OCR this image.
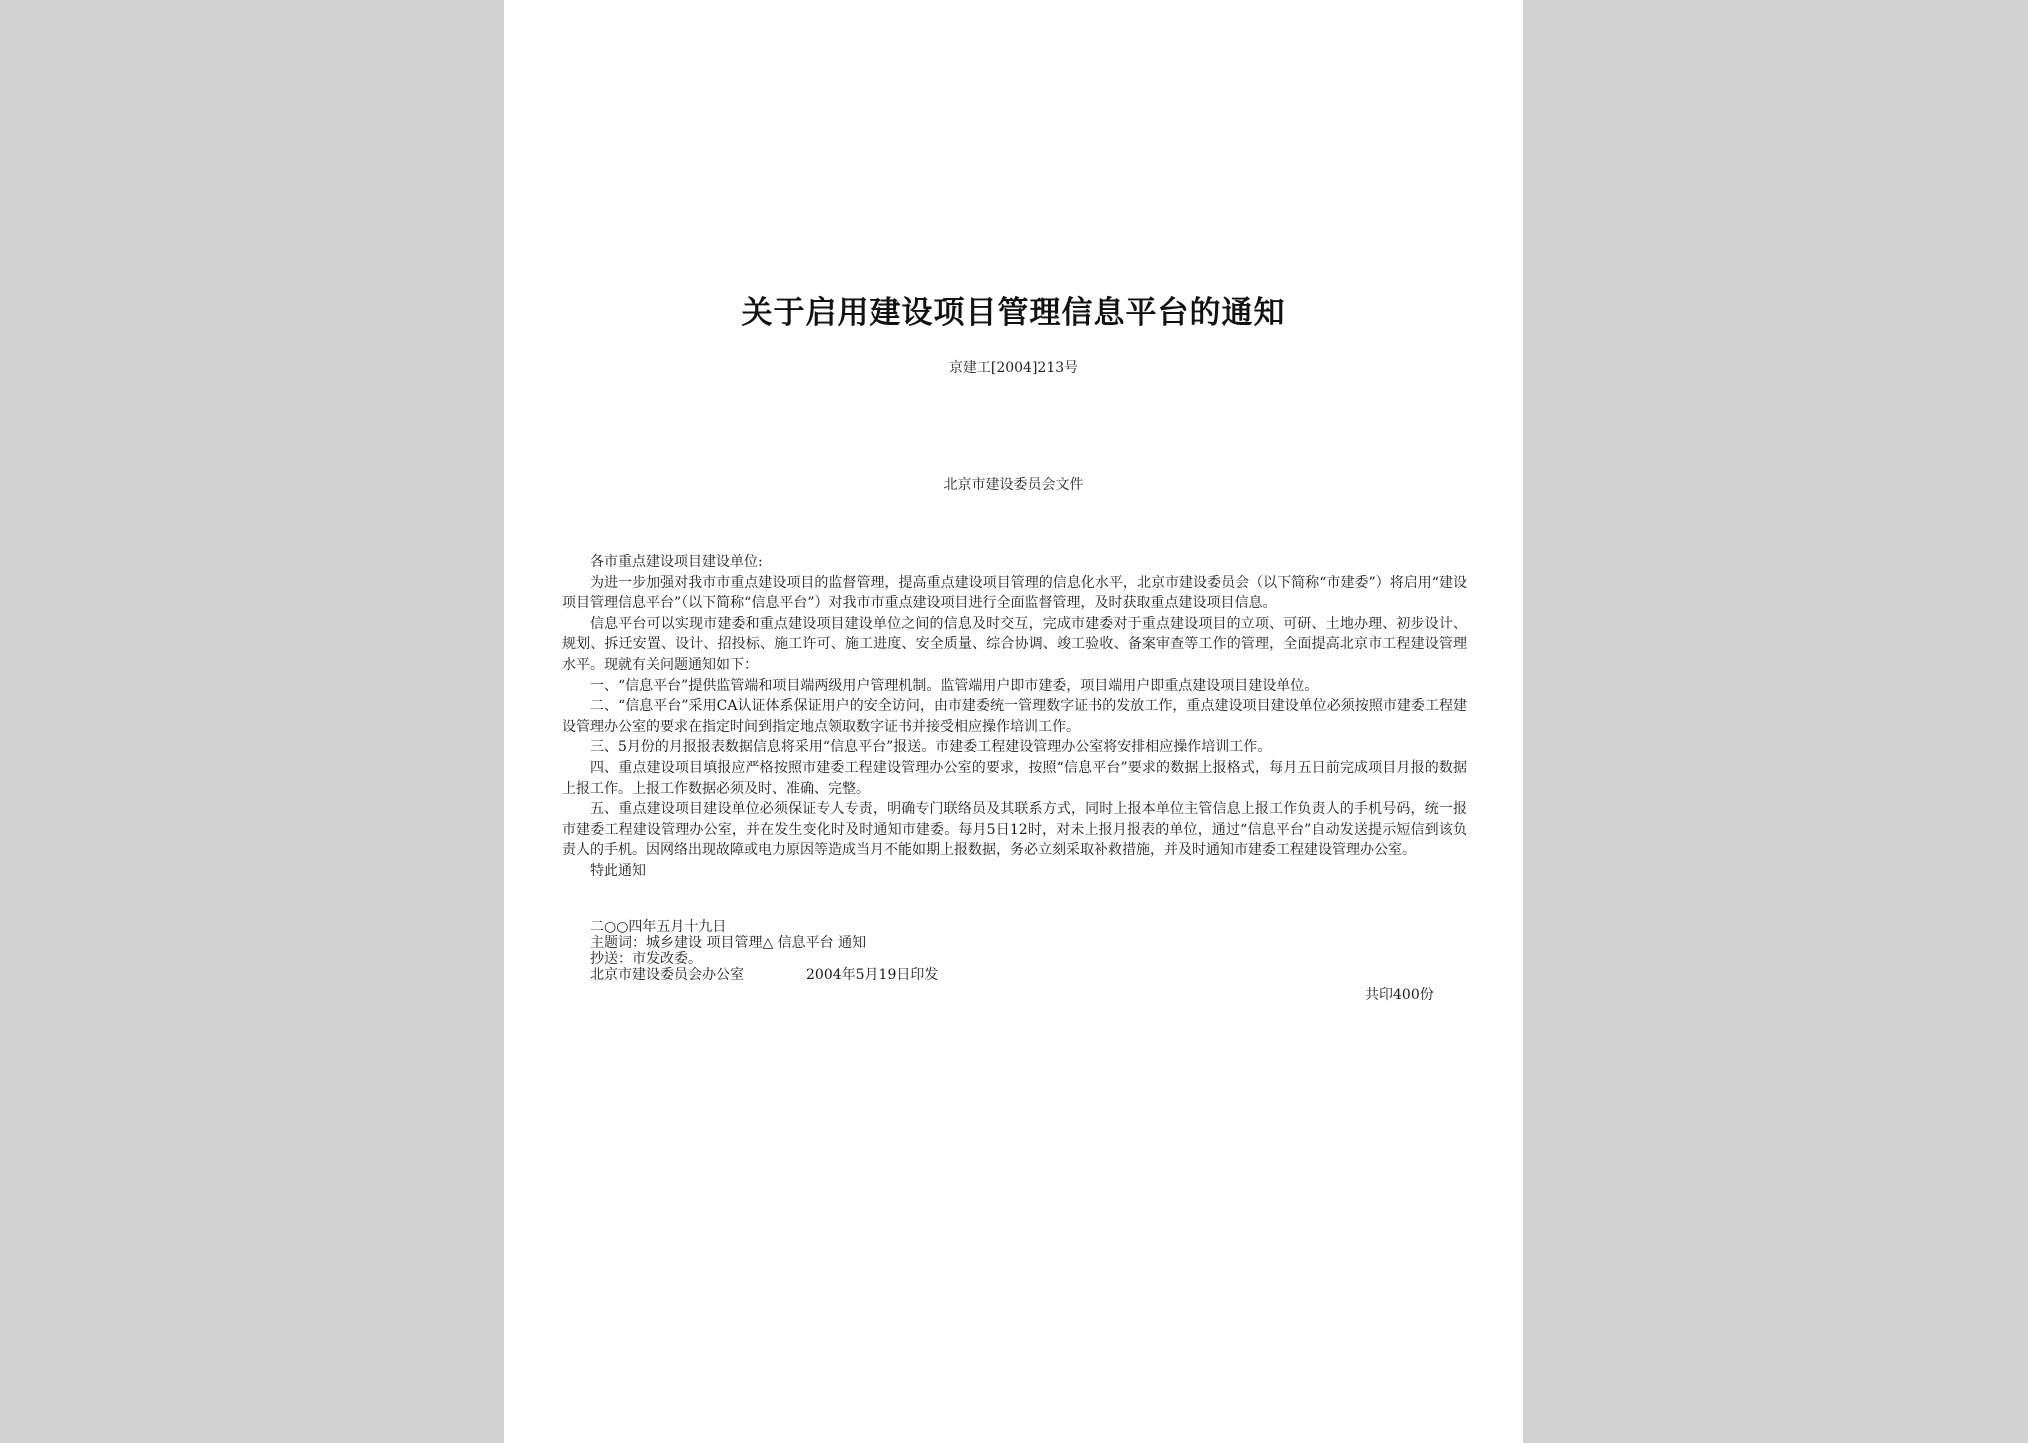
关于启用建设项目管理信息平台的通知
京建工[2004]213号
北京市建设委员会文件

各市重点建设项目建设单位:

为进一步加强对我市市重点建设项目的监督管理，提高重点建设项目管理的信息化水平，北京市建设委员会（以下简称“市建委”）将启用“建设项目管理信息平台”（以下简称“信息平台”）对我市市重点建设项目进行全面监督管理，及时获取重点建设项目信息。

信息平台可以实现市建委和重点建设项目建设单位之间的信息及时交互，完成市建委对于重点建设项目的立项、可研、土地办理、初步设计、规划、拆迁安置、设计、招投标、施工许可、施工进度、安全质量、综合协调、竣工验收、备案审查等工作的管理，全面提高北京市工程建设管理水平。现就有关问题通知如下：

一、“信息平台”提供监管端和项目端两级用户管理机制。监管端用户即市建委，项目端用户即重点建设项目建设单位。

二、“信息平台”采用CA认证体系保证用户的安全访问，由市建委统一管理数字证书的发放工作，重点建设项目建设单位必须按照市建委工程建设管理办公室的要求在指定时间到指定地点领取数字证书并接受相应操作培训工作。

三、5月份的月报报表数据信息将采用“信息平台”报送。市建委工程建设管理办公室将安排相应操作培训工作。

四、重点建设项目填报应严格按照市建委工程建设管理办公室的要求，按照“信息平台”要求的数据上报格式，每月五日前完成项目月报的数据上报工作。上报工作数据必须及时、准确、完整。

五、重点建设项目建设单位必须保证专人专责，明确专门联络员及其联系方式，同时上报本单位主管信息上报工作负责人的手机号码，统一报市建委工程建设管理办公室，并在发生变化时及时通知市建委。每月5日12时，对未上报月报表的单位，通过“信息平台”自动发送提示短信到该负责人的手机。因网络出现故障或电力原因等造成当月不能如期上报数据，务必立刻采取补救措施，并及时通知市建委工程建设管理办公室。

特此通知

二○○四年五月十九日
主题词：城乡建设 项目管理△ 信息平台 通知
抄送：市发改委。
北京市建设委员会办公室	2004年5月19日印发
共印400份
